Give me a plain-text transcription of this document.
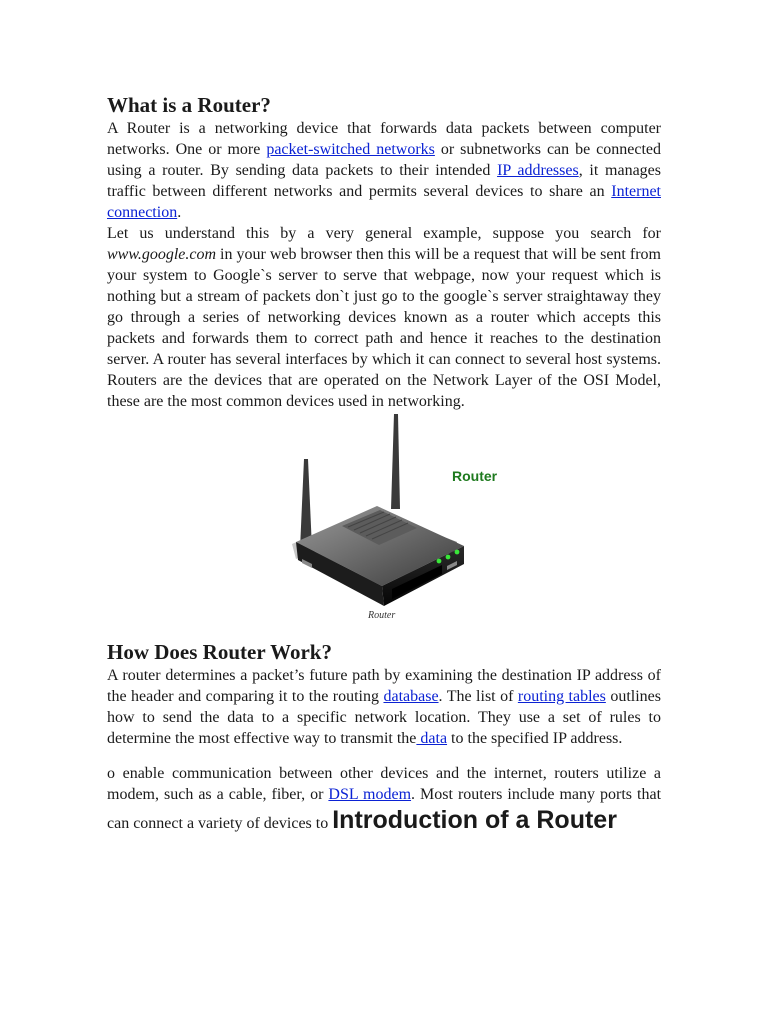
What is a Router?

A Router is a networking device that forwards data packets between computer networks. One or more packet-switched networks or subnetworks can be connected using a router. By sending data packets to their intended IP addresses, it manages traffic between different networks and permits several devices to share an Internet connection.

Let us understand this by a very general example, suppose you search for www.google.com in your web browser then this will be a request that will be sent from your system to Google`s server to serve that webpage, now your request which is nothing but a stream of packets don`t just go to the google`s server straightaway they go through a series of networking devices known as a router which accepts this packets and forwards them to correct path and hence it reaches to the destination server. A router has several interfaces by which it can connect to several host systems. Routers are the devices that are operated on the Network Layer of the OSI Model, these are the most common devices used in networking.

Router
Router
How Does Router Work?

A router determines a packet’s future path by examining the destination IP address of the header and comparing it to the routing database. The list of routing tables outlines how to send the data to a specific network location. They use a set of rules to determine the most effective way to transmit the data to the specified IP address.

o enable communication between other devices and the internet, routers utilize a modem, such as a cable, fiber, or DSL modem. Most routers include many ports that can connect a variety of devices to Introduction of a Router
